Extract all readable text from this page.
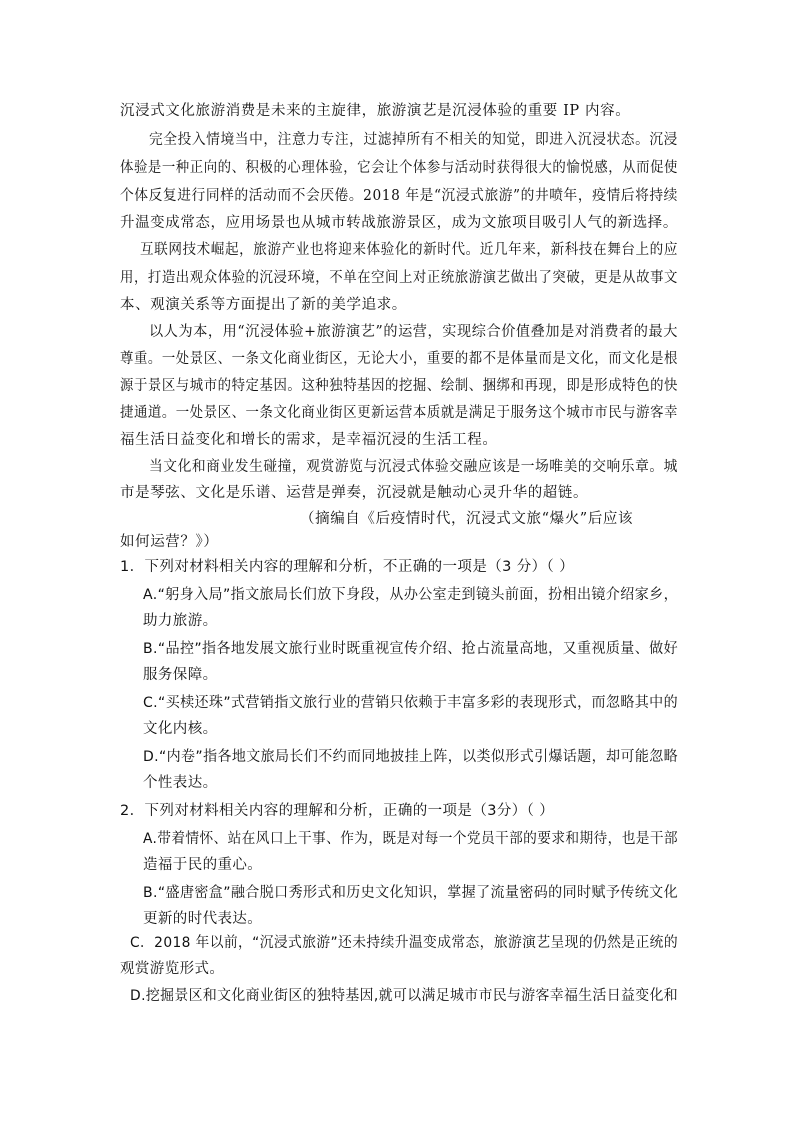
沉浸式文化旅游消费是未来的主旋律，旅游演艺是沉浸体验的重要 IP 内容。
完全投入情境当中，注意力专注，过滤掉所有不相关的知觉，即进入沉浸状态。沉浸
体验是一种正向的、积极的心理体验，它会让个体参与活动时获得很大的愉悦感，从而促使
个体反复进行同样的活动而不会厌倦。2018 年是“沉浸式旅游”的井喷年，疫情后将持续
升温变成常态，应用场景也从城市转战旅游景区，成为文旅项目吸引人气的新选择。
互联网技术崛起，旅游产业也将迎来体验化的新时代。近几年来，新科技在舞台上的应
用，打造出观众体验的沉浸环境，不单在空间上对正统旅游演艺做出了突破，更是从故事文
本、观演关系等方面提出了新的美学追求。
以人为本，用“沉浸体验+旅游演艺”的运营，实现综合价值叠加是对消费者的最大
尊重。一处景区、一条文化商业街区，无论大小，重要的都不是体量而是文化，而文化是根
源于景区与城市的特定基因。这种独特基因的挖掘、绘制、捆绑和再现，即是形成特色的快
捷通道。一处景区、一条文化商业街区更新运营本质就是满足于服务这个城市市民与游客幸
福生活日益变化和增长的需求，是幸福沉浸的生活工程。
当文化和商业发生碰撞，观赏游览与沉浸式体验交融应该是一场唯美的交响乐章。城
市是琴弦、文化是乐谱、运营是弹奏，沉浸就是触动心灵升华的超链。
（摘编自《后疫情时代，沉浸式文旅“爆火”后应该
如何运营？》）
1．下列对材料相关内容的理解和分析，不正确的一项是（3 分）（ ）
A.“躬身入局”指文旅局长们放下身段，从办公室走到镜头前面，扮相出镜介绍家乡，
助力旅游。
B.“品控”指各地发展文旅行业时既重视宣传介绍、抢占流量高地，又重视质量、做好
服务保障。
C.“买椟还珠”式营销指文旅行业的营销只依赖于丰富多彩的表现形式，而忽略其中的
文化内核。
D.“内卷”指各地文旅局长们不约而同地披挂上阵，以类似形式引爆话题，却可能忽略
个性表达。
2．下列对材料相关内容的理解和分析，正确的一项是（3分）（ ）
A.带着情怀、站在风口上干事、作为，既是对每一个党员干部的要求和期待，也是干部
造福于民的重心。
B.“盛唐密盒”融合脱口秀形式和历史文化知识，掌握了流量密码的同时赋予传统文化
更新的时代表达。
C．2018 年以前，“沉浸式旅游”还未持续升温变成常态，旅游演艺呈现的仍然是正统的
观赏游览形式。
D.挖掘景区和文化商业街区的独特基因,就可以满足城市市民与游客幸福生活日益变化和
